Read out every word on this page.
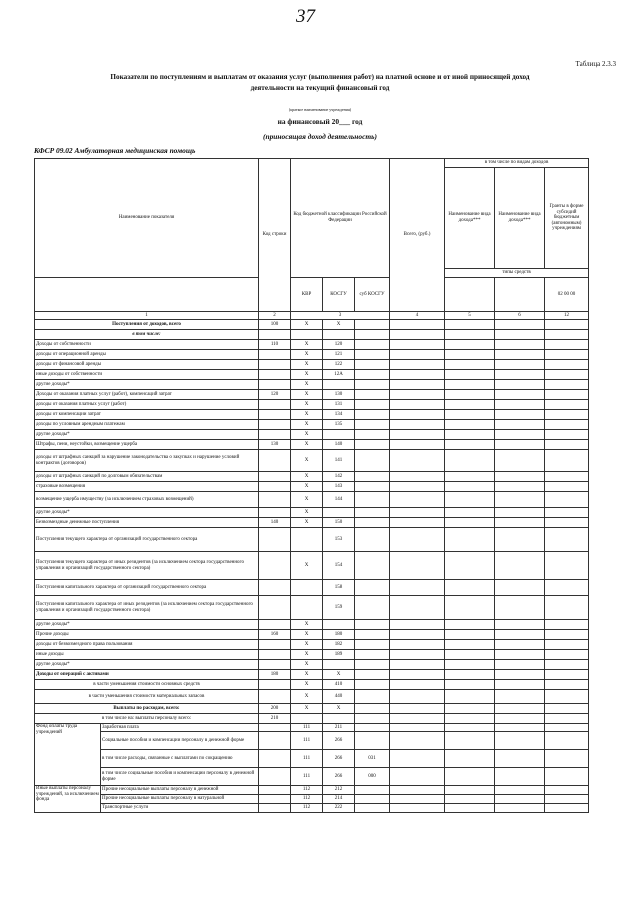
37
Таблица 2.3.3
Показатели по поступлениям и выплатам от оказания услуг (выполнения работ) на платной основе и от иной приносящей доход
деятельности на текущий финансовый год
(краткое наименование учреждения)
на финансовый 20___ год
(приносящая доход деятельность)
КФСР 09.02 Амбулаторная медицинская помощь
Наименование показателя		Код строки	Код бюджетной классификации Российской Федерации			Всего, (руб.)	в том числе по видам доходов		
							Наименование вида дохода***	Наименование вида дохода***	Гранты в форме субсидий бюджетным (автономным) учреждениям
							типы средств		
			КВР	КОСГУ	суб КОСГУ				02 00 00
1		2	3			4	5	6	12
Поступления от доходов, всего		100	X	X					
в том числе:									
Доходы от собственности		110	X	120					
доходы от операционной аренды			X	121					
доходы от финансовой аренды			X	122					
иные доходы от собственности			X	12А					
другие доходы*			X						
Доходы от оказания платных услуг (работ), компенсаций затрат		120	X	130					
доходы от оказания платных услуг (работ)			X	131					
доходы от компенсации затрат			X	134					
доходы по условным арендным платежам			X	135					
другие доходы*			X						
Штрафы, пени, неустойки, возмещение ущерба		130	X	140					
доходы от штрафных санкций за нарушение законодательства о закупках и нарушение условий контрактов (договоров)			X	141					
доходы от штрафных санкций по долговым обязательствам			X	142					
страховые возмещения			X	143					
возмещение ущерба имуществу (за исключением страховых возмещений)			X	144					
другие доходы*			X						
Безвозмездные денежные поступления		140	X	150					
Поступления текущего характера от организаций государственного сектора				153					
Поступления текущего характера от иных резидентов (за исключением сектора государственного управления и организаций государственного сектора)			X	154					
Поступления капитального характера от организаций государственного сектора				158					
Поступления капитального характера от иных резидентов (за исключением сектора государственного управления и организаций государственного сектора)				159					
другие доходы*			X						
Прочие доходы		160	X	180					
доходы от безвозмездного права пользования			X	182					
иные доходы			X	189					
другие доходы*			X						
Доходы от операций с активами		180	X	X					
в части уменьшения стоимости основных средств			X	410					
в части уменьшения стоимости материальных запасов			X	440					
Выплаты по расходам, всего:		200	X	X					
в том числе на: выплаты персоналу всего:		210							
Фонд оплаты труда учреждений	Заработная плата		111	211					
	Социальные пособия и компенсации персоналу в денежной форме		111	266					
	в том числе расходы, связанные с выплатами по сокращению		111	266	031				
	в том числе социальные пособия и компенсации персоналу в денежной форме		111	266	000				
Иные выплаты персоналу учреждений, за исключением фонда	Прочие несоциальные выплаты персоналу в денежной		112	212					
	Прочие несоциальные выплаты персоналу в натуральной		112	214					
	Транспортные услуги		112	222					
